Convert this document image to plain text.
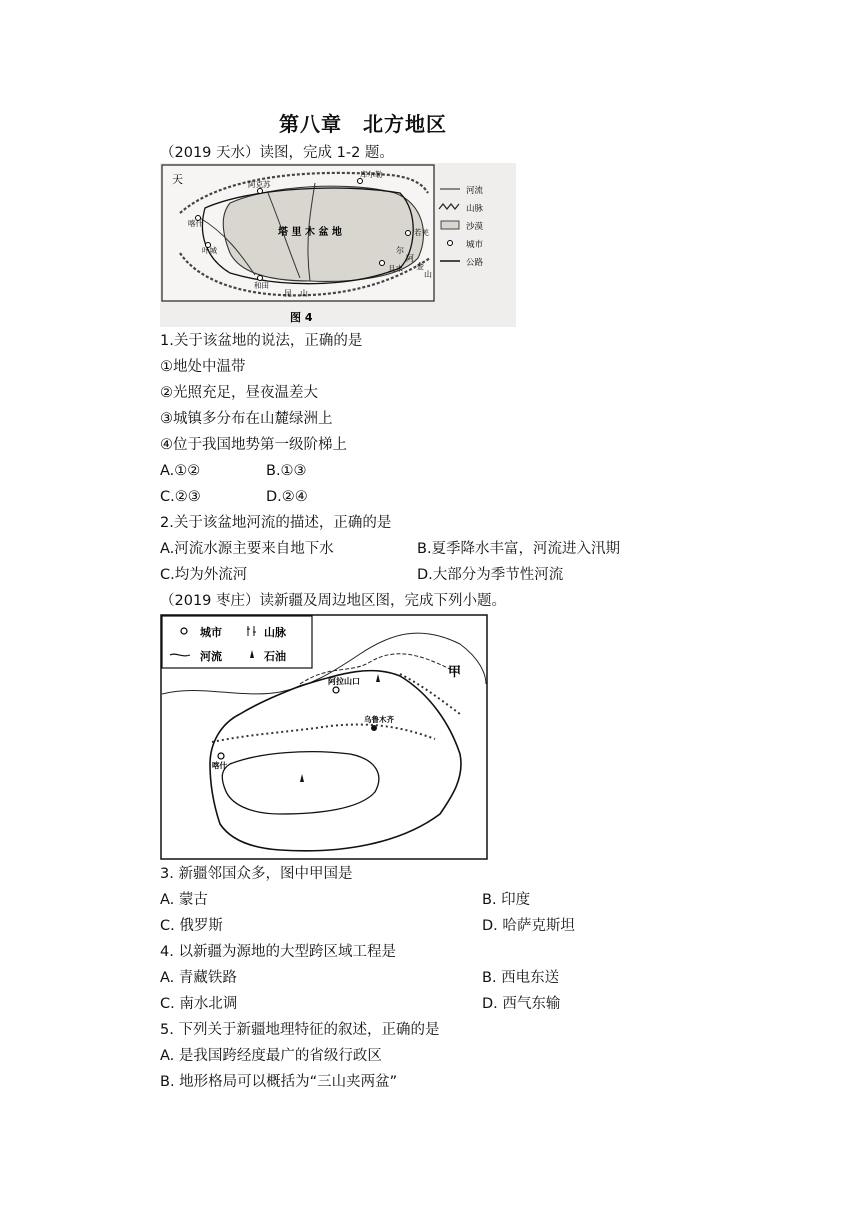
第八章　北方地区
（2019 天水）读图，完成 1-2 题。
天	阿克苏
库尔勒
喀什
叶城
和田
且末
若羌
塔 里 木 盆 地
昆 山
尔
阿
金
山
河流
山脉
沙漠
城市
公路
图 4
1.关于该盆地的说法，正确的是
①地处中温带
②光照充足，昼夜温差大
③城镇多分布在山麓绿洲上
④位于我国地势第一级阶梯上
A.①②	B.①③
C.②③	D.②④
2.关于该盆地河流的描述，正确的是
A.河流水源主要来自地下水	B.夏季降水丰富，河流进入汛期
C.均为外流河	D.大部分为季节性河流
（2019 枣庄）读新疆及周边地区图，完成下列小题。
城市	山脉
河流	石油
甲
阿拉山口
乌鲁木齐
喀什
3. 新疆邻国众多，图中甲国是
A. 蒙古	B. 印度
C. 俄罗斯	D. 哈萨克斯坦
4. 以新疆为源地的大型跨区域工程是
A. 青藏铁路	B. 西电东送
C. 南水北调	D. 西气东输
5. 下列关于新疆地理特征的叙述，正确的是
A. 是我国跨经度最广的省级行政区
B. 地形格局可以概括为“三山夹两盆”
